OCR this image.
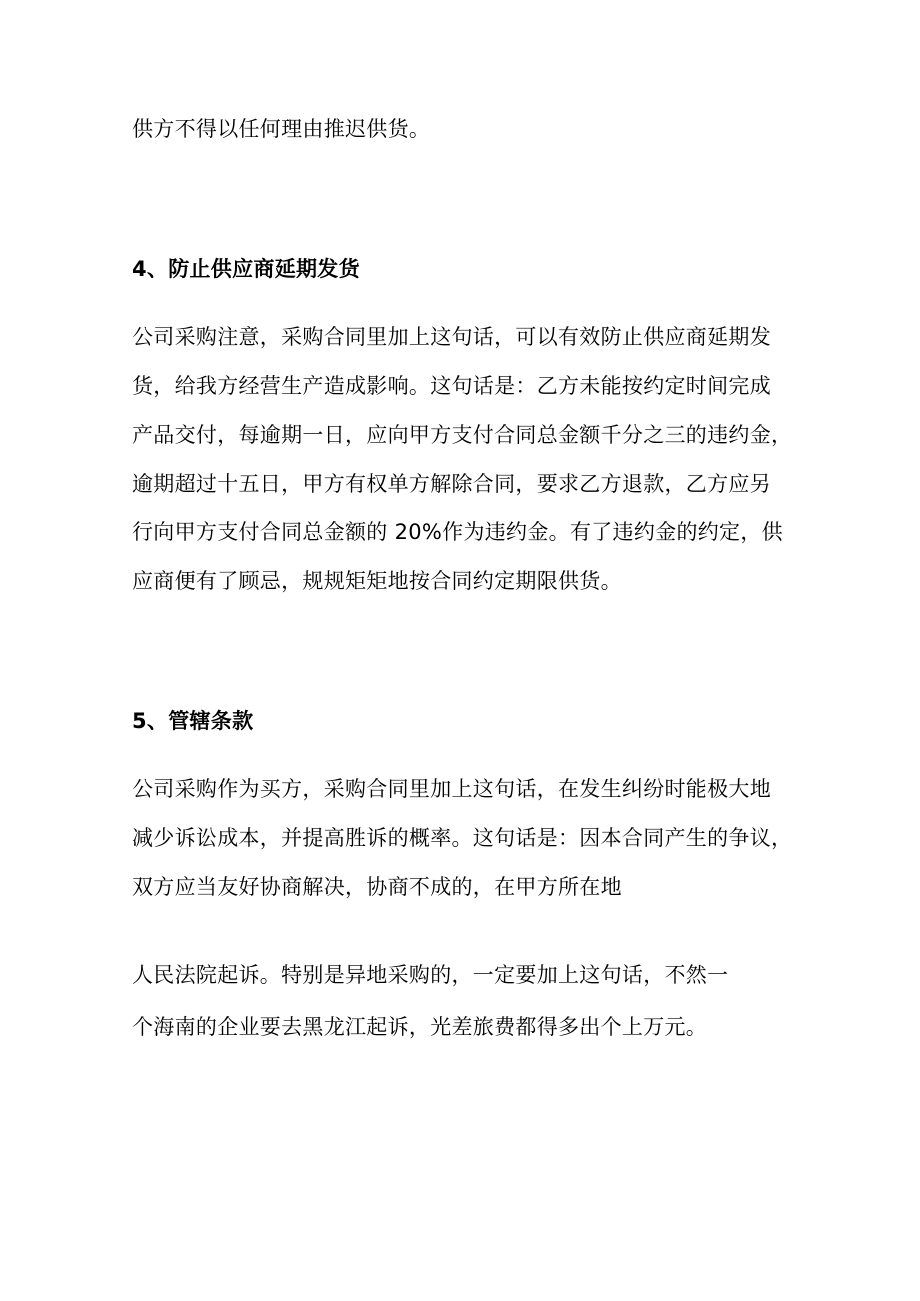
供方不得以任何理由推迟供货。

4、防止供应商延期发货

公司采购注意，采购合同里加上这句话，可以有效防止供应商延期发

货，给我方经营生产造成影响。这句话是：乙方未能按约定时间完成

产品交付，每逾期一日，应向甲方支付合同总金额千分之三的违约金，

逾期超过十五日，甲方有权单方解除合同，要求乙方退款，乙方应另

行向甲方支付合同总金额的 20%作为违约金。有了违约金的约定，供

应商便有了顾忌，规规矩矩地按合同约定期限供货。

5、管辖条款

公司采购作为买方，采购合同里加上这句话，在发生纠纷时能极大地

减少诉讼成本，并提高胜诉的概率。这句话是：因本合同产生的争议，

双方应当友好协商解决，协商不成的，在甲方所在地

人民法院起诉。特别是异地采购的，一定要加上这句话，不然一

个海南的企业要去黑龙江起诉，光差旅费都得多出个上万元。
